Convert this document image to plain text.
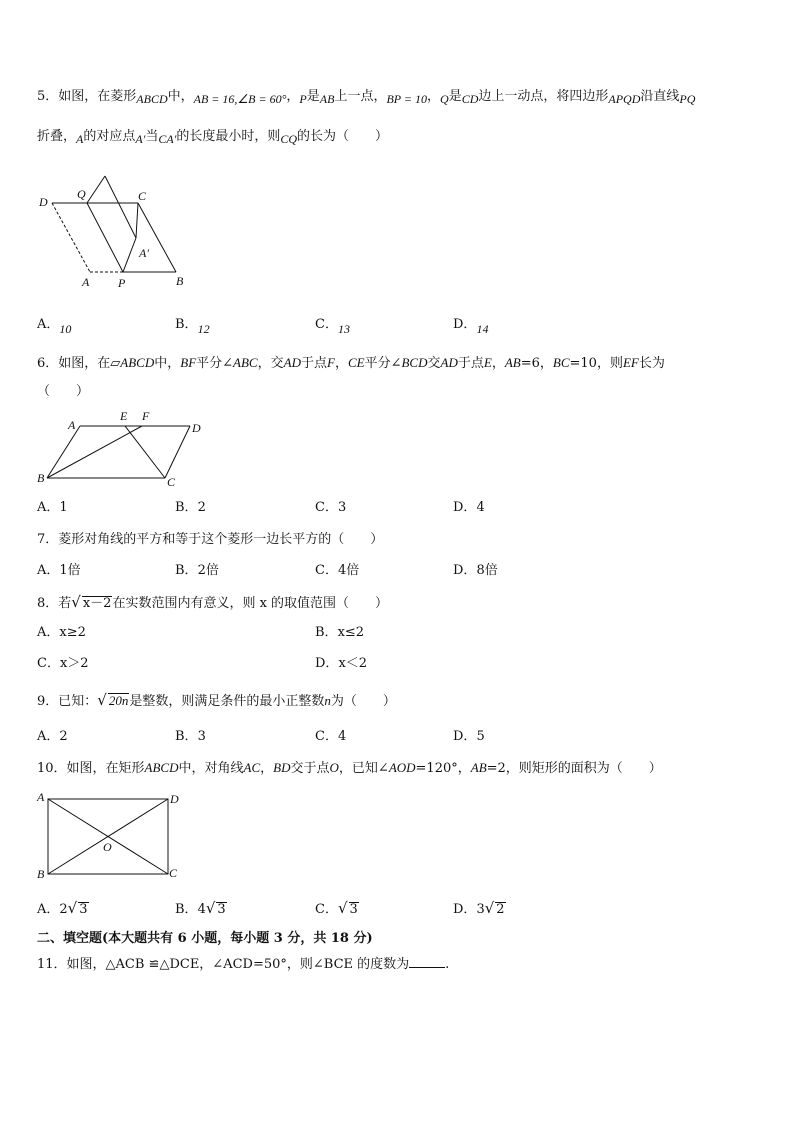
5．如图，在菱形ABCD中，AB = 16,∠B = 60°，P是AB上一点，BP = 10，Q是CD边上一动点，将四边形APQD沿直线PQ
折叠，A的对应点A′当CA′的长度最小时，则CQ的长为（　　）
D
Q	C
A′
A P	B
A．10	B．12	C．13	D．14
6．如图，在▱ABCD中，BF平分∠ABC，交AD于点F，CE平分∠BCD交AD于点E，AB=6，BC=10，则EF长为
（　　）
A
E F
D
B	C
A．1	B．2	C．3	D．4
7．菱形对角线的平方和等于这个菱形一边长平方的（　　）
A．1倍	B．2倍	C．4倍	D．8倍
8．若√ x－2在实数范围内有意义，则 x 的取值范围（　　）
A．x≥2	B．x≤2
C．x＞2	D．x＜2
9．已知：√ 20n是整数，则满足条件的最小正整数n为（　　）
A．2	B．3	C．4	D．5
10．如图，在矩形ABCD中，对角线AC，BD交于点O，已知∠AOD=120°，AB=2，则矩形的面积为（　　）
A	D
O
B	C
A．2√ 3	B．4√ 3	C．√ 3	D．3√ 2
二、填空题(本大题共有 6 小题，每小题 3 分，共 18 分)
11．如图，△ACB ≌△DCE，∠ACD=50°，则∠BCE 的度数为	.
